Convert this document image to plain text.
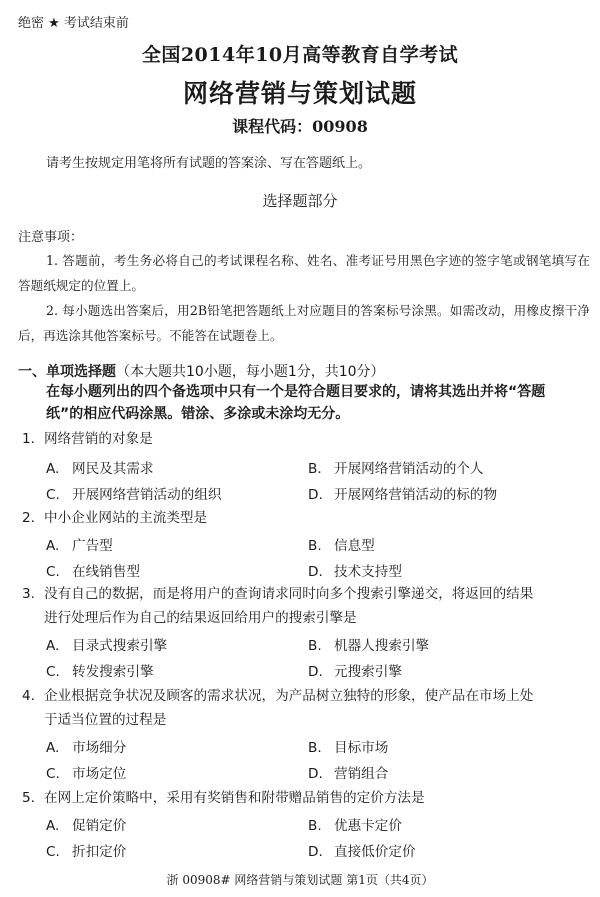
绝密 ★ 考试结束前
全国2014年10月高等教育自学考试
网络营销与策划试题
课程代码：00908
请考生按规定用笔将所有试题的答案涂、写在答题纸上。
选择题部分
注意事项：
1. 答题前，考生务必将自己的考试课程名称、姓名、准考证号用黑色字迹的签字笔或钢笔填写在答题纸规定的位置上。
2. 每小题选出答案后，用2B铅笔把答题纸上对应题目的答案标号涂黑。如需改动，用橡皮擦干净后，再选涂其他答案标号。不能答在试题卷上。
一、单项选择题（本大题共10小题，每小题1分，共10分）
在每小题列出的四个备选项中只有一个是符合题目要求的，请将其选出并将“答题纸”的相应代码涂黑。错涂、多涂或未涂均无分。
1. 网络营销的对象是
A. 网民及其需求	B. 开展网络营销活动的个人
C. 开展网络营销活动的组织	D. 开展网络营销活动的标的物
2. 中小企业网站的主流类型是
A. 广告型	B. 信息型
C. 在线销售型	D. 技术支持型
3. 没有自己的数据，而是将用户的查询请求同时向多个搜索引擎递交，将返回的结果
进行处理后作为自己的结果返回给用户的搜索引擎是
A. 目录式搜索引擎	B. 机器人搜索引擎
C. 转发搜索引擎	D. 元搜索引擎
4. 企业根据竞争状况及顾客的需求状况，为产品树立独特的形象，使产品在市场上处
于适当位置的过程是
A. 市场细分	B. 目标市场
C. 市场定位	D. 营销组合
5. 在网上定价策略中，采用有奖销售和附带赠品销售的定价方法是
A. 促销定价	B. 优惠卡定价
C. 折扣定价	D. 直接低价定价
浙 00908# 网络营销与策划试题 第1页（共4页）
